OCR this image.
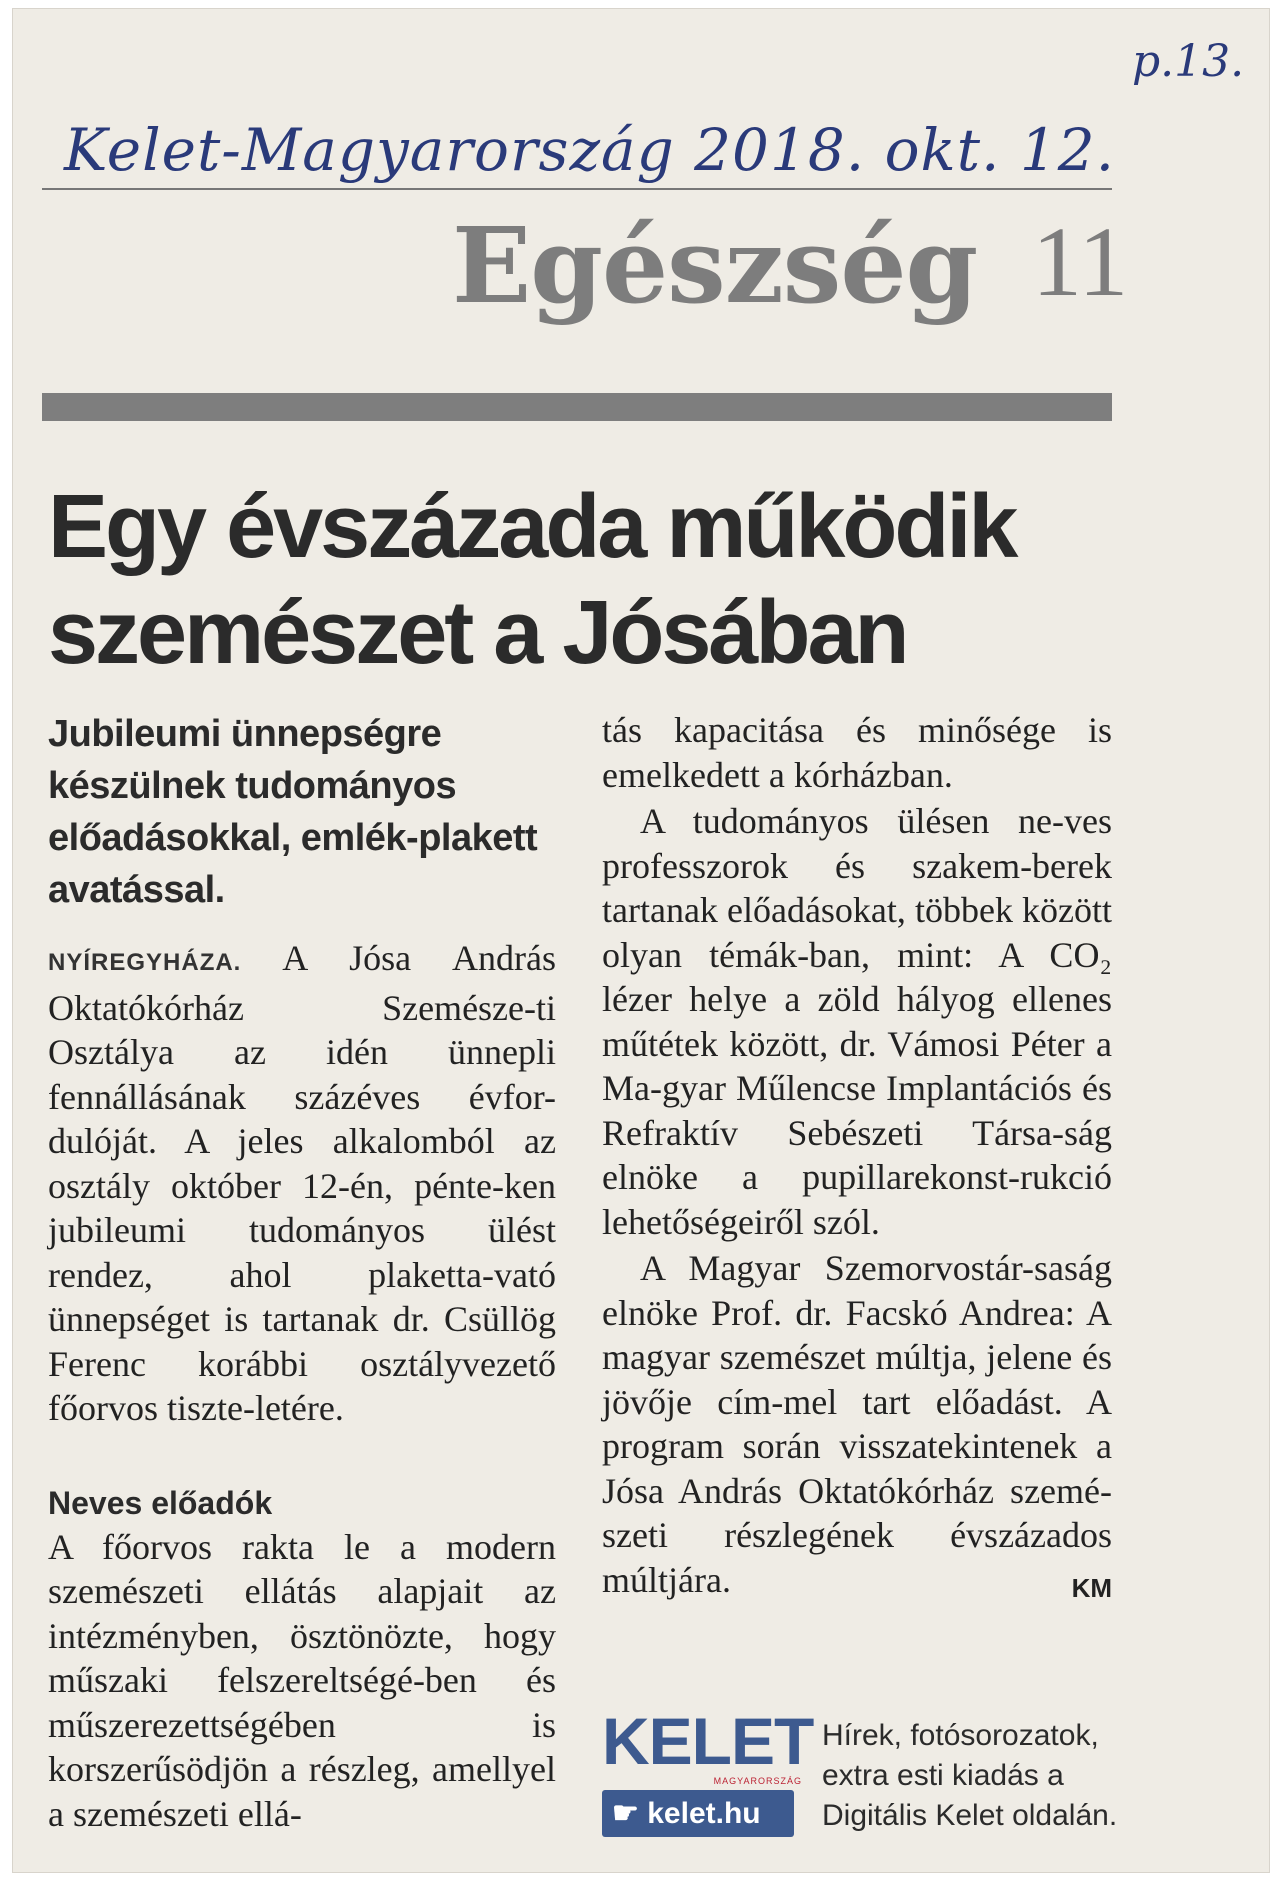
p.13.
Kelet-Magyarország 2018. okt. 12.
Egészség 11
Egy évszázada működik
szemészet a Jósában

Jubileumi ünnepségre készülnek tudományos előadásokkal, emlék-plakett avatással.

NYÍREGYHÁZA. A Jósa András Oktatókórház Szemésze-ti Osztálya az idén ünnepli fennállásának százéves évfor-dulóját. A jeles alkalomból az osztály október 12-én, pénte-ken jubileumi tudományos ülést rendez, ahol plaketta-vató ünnepséget is tartanak dr. Csüllög Ferenc korábbi osztályvezető főorvos tiszte-letére.

Neves előadók

A főorvos rakta le a modern szemészeti ellátás alapjait az intézményben, ösztönözte, hogy műszaki felszereltségé-ben és műszerezettségében is korszerűsödjön a részleg, amellyel a szemészeti ellá-

tás kapacitása és minősége is emelkedett a kórházban.

A tudományos ülésen ne-ves professzorok és szakem-berek tartanak előadásokat, többek között olyan témák-ban, mint: A CO₂ lézer helye a zöld hályog ellenes műtétek között, dr. Vámosi Péter a Ma-gyar Műlencse Implantációs és Refraktív Sebészeti Társa-ság elnöke a pupillarekonst-rukció lehetőségeiről szól.

A Magyar Szemorvostár-saság elnöke Prof. dr. Facskó Andrea: A magyar szemészet múltja, jelene és jövője cím-mel tart előadást. A program során visszatekintenek a Jósa András Oktatókórház szemé-szeti részlegének évszázados múltjára.	KM

KELET
MAGYARORSZÁG
☛ kelet.hu
Hírek, fotósorozatok, extra esti kiadás a Digitális Kelet oldalán.
